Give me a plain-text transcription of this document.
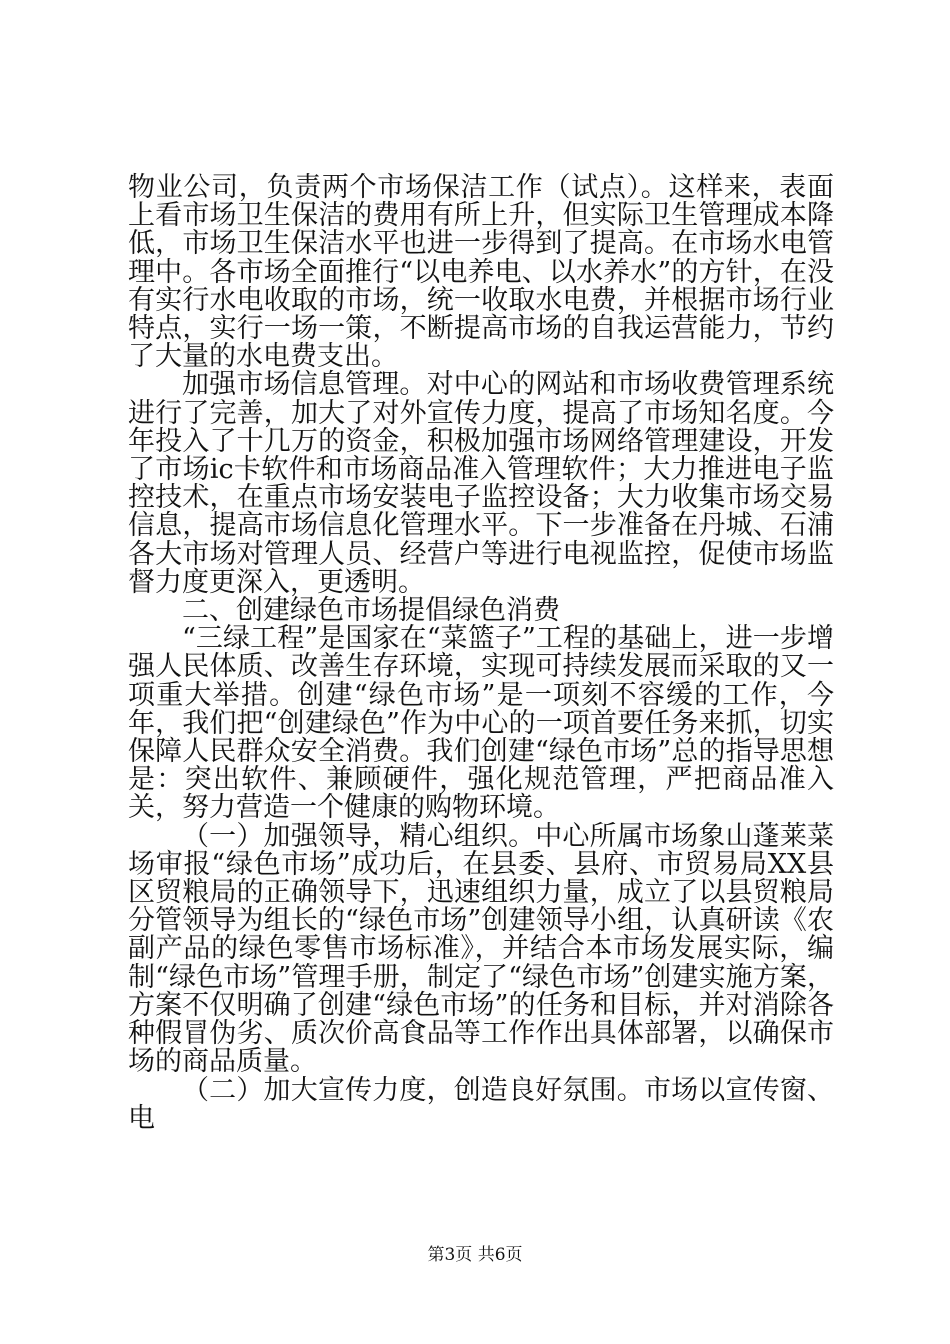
物业公司，负责两个市场保洁工作（试点）。这样来，表面上看市场卫生保洁的费用有所上升，但实际卫生管理成本降低，市场卫生保洁水平也进一步得到了提高。在市场水电管理中。各市场全面推行“以电养电、以水养水”的方针，在没有实行水电收取的市场，统一收取水电费，并根据市场行业特点，实行一场一策，不断提高市场的自我运营能力，节约了大量的水电费支出。

加强市场信息管理。对中心的网站和市场收费管理系统进行了完善，加大了对外宣传力度，提高了市场知名度。今年投入了十几万的资金，积极加强市场网络管理建设，开发了市场ic卡软件和市场商品准入管理软件；大力推进电子监控技术，在重点市场安装电子监控设备；大力收集市场交易信息，提高市场信息化管理水平。下一步准备在丹城、石浦各大市场对管理人员、经营户等进行电视监控，促使市场监督力度更深入，更透明。

二、创建绿色市场提倡绿色消费

“三绿工程”是国家在“菜篮子”工程的基础上，进一步增强人民体质、改善生存环境，实现可持续发展而采取的又一项重大举措。创建“绿色市场”是一项刻不容缓的工作，今年，我们把“创建绿色”作为中心的一项首要任务来抓，切实保障人民群众安全消费。我们创建“绿色市场”总的指导思想是：突出软件、兼顾硬件，强化规范管理，严把商品准入关，努力营造一个健康的购物环境。

（一）加强领导，精心组织。中心所属市场象山蓬莱菜场审报“绿色市场”成功后，在县委、县府、市贸易局XX县区贸粮局的正确领导下，迅速组织力量，成立了以县贸粮局分管领导为组长的“绿色市场”创建领导小组，认真研读《农副产品的绿色零售市场标准》，并结合本市场发展实际，编制“绿色市场”管理手册，制定了“绿色市场”创建实施方案，方案不仅明确了创建“绿色市场”的任务和目标，并对消除各种假冒伪劣、质次价高食品等工作作出具体部署，以确保市场的商品质量。

（二）加大宣传力度，创造良好氛围。市场以宣传窗、电

第3页 共6页
